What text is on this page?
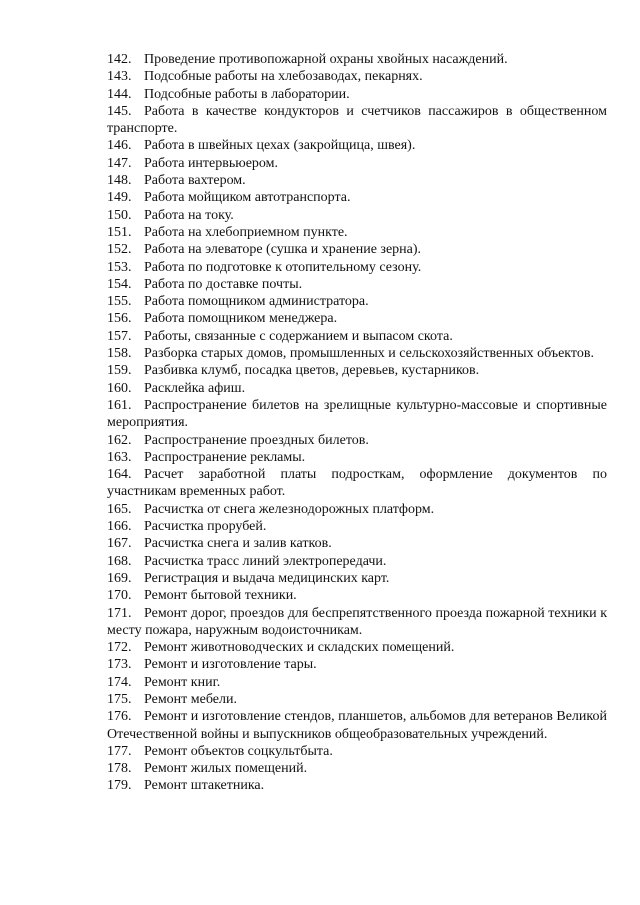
142. Проведение противопожарной охраны хвойных насаждений.

143. Подсобные работы на хлебозаводах, пекарнях.

144. Подсобные работы в лаборатории.

145. Работа в качестве кондукторов и счетчиков пассажиров в общественном транспорте.

146. Работа в швейных цехах (закройщица, швея).

147. Работа интервьюером.

148. Работа вахтером.

149. Работа мойщиком автотранспорта.

150. Работа на току.

151. Работа на хлебоприемном пункте.

152. Работа на элеваторе (сушка и хранение зерна).

153. Работа по подготовке к отопительному сезону.

154. Работа по доставке почты.

155. Работа помощником администратора.

156. Работа помощником менеджера.

157. Работы, связанные с содержанием и выпасом скота.

158. Разборка старых домов, промышленных и сельскохозяйственных объектов.

159. Разбивка клумб, посадка цветов, деревьев, кустарников.

160. Расклейка афиш.

161. Распространение билетов на зрелищные культурно-массовые и спортивные мероприятия.

162. Распространение проездных билетов.

163. Распространение рекламы.

164. Расчет заработной платы подросткам, оформление документов по участникам временных работ.

165. Расчистка от снега железнодорожных платформ.

166. Расчистка прорубей.

167. Расчистка снега и залив катков.

168. Расчистка трасс линий электропередачи.

169. Регистрация и выдача медицинских карт.

170. Ремонт бытовой техники.

171. Ремонт дорог, проездов для беспрепятственного проезда пожарной техники к месту пожара, наружным водоисточникам.

172. Ремонт животноводческих и складских помещений.

173. Ремонт и изготовление тары.

174. Ремонт книг.

175. Ремонт мебели.

176. Ремонт и изготовление стендов, планшетов, альбомов для ветеранов Великой Отечественной войны и выпускников общеобразовательных учреждений.

177. Ремонт объектов соцкультбыта.

178. Ремонт жилых помещений.

179. Ремонт штакетника.
